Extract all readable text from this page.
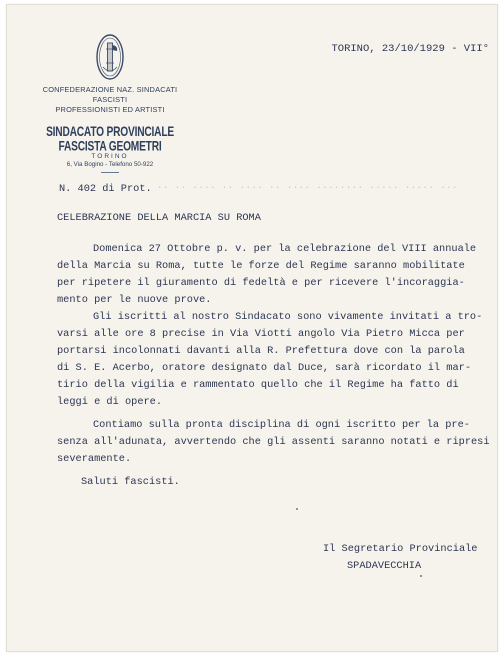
CONFEDERAZIONE NAZ. SINDACATI
FASCISTI
PROFESSIONISTI ED ARTISTI
SINDACATO PROVINCIALE FASCISTA GEOMETRI
TORINO
6, Via Bogino - Telefono 50-922
TORINO, 23/10/1929 - VII°
N. 402 di Prot. ·· ·· ···· ·· ···· ·· ···· ········ ····· ····· ···
CELEBRAZIONE DELLA MARCIA SU ROMA
Domenica 27 Ottobre p. v. per la celebrazione del VIII annuale
della Marcia su Roma, tutte le forze del Regime saranno mobilitate
per ripetere il giuramento di fedeltà e per ricevere l'incoraggia-
mento per le nuove prove.
Gli iscritti al nostro Sindacato sono vivamente invitati a tro-
varsi alle ore 8 precise in Via Viotti angolo Via Pietro Micca per
portarsi incolonnati davanti alla R. Prefettura dove con la parola
di S. E. Acerbo, oratore designato dal Duce, sarà ricordato il mar-
tirio della vigilia e rammentato quello che il Regime ha fatto di
leggi e di opere.
Contiamo sulla pronta disciplina di ogni iscritto per la pre-
senza all'adunata, avvertendo che gli assenti saranno notati e ripresi
severamente.
Saluti fascisti.
Il Segretario Provinciale
SPADAVECCHIA
